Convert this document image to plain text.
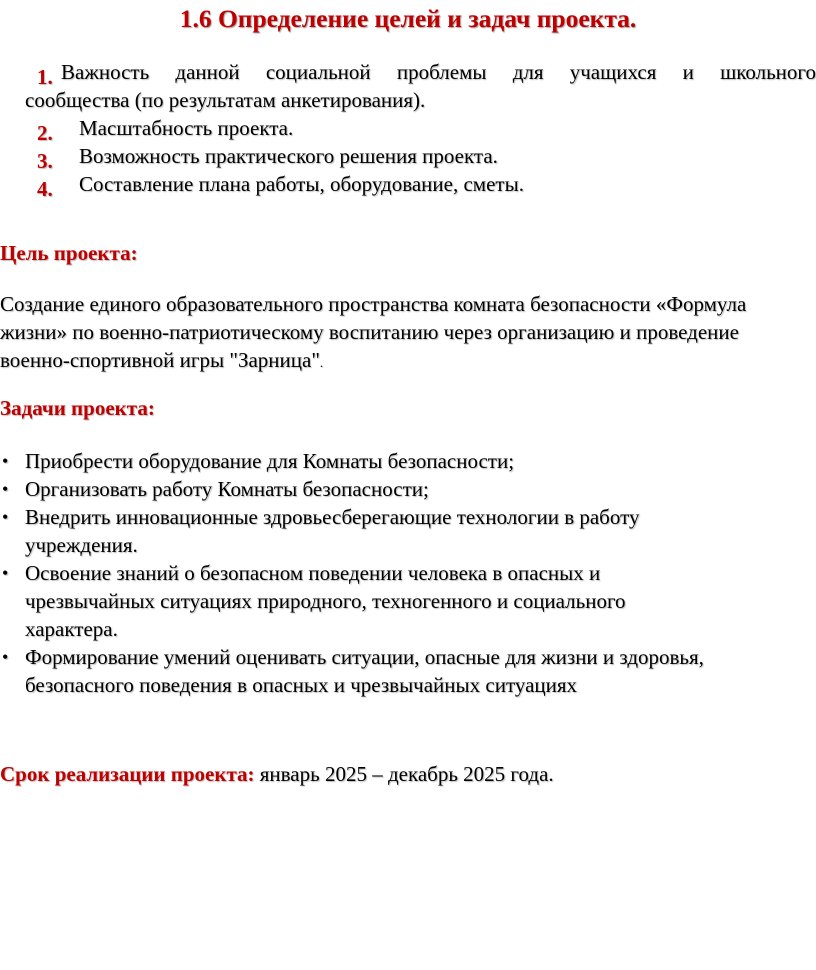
1.6 Определение целей и задач проекта.
1. Важность данной социальной проблемы для учащихся и школьного
сообщества (по результатам анкетирования).
2. Масштабность проекта.
3. Возможность практического решения проекта.
4. Составление плана работы, оборудование, сметы.
Цель проекта:
Создание единого образовательного пространства комната безопасности «Формула жизни» по военно-патриотическому воспитанию через организацию и проведение военно-спортивной игры "Зарница".
Задачи проекта:
• Приобрести оборудование для Комнаты безопасности;
• Организовать работу Комнаты безопасности;
• Внедрить инновационные здровьесберегающие технологии в работу учреждения.
• Освоение знаний о безопасном поведении человека в опасных и чрезвычайных ситуациях природного, техногенного и социального характера.
• Формирование умений оценивать ситуации, опасные для жизни и здоровья, безопасного поведения в опасных и чрезвычайных ситуациях
Срок реализации проекта: январь 2025 – декабрь 2025 года.
